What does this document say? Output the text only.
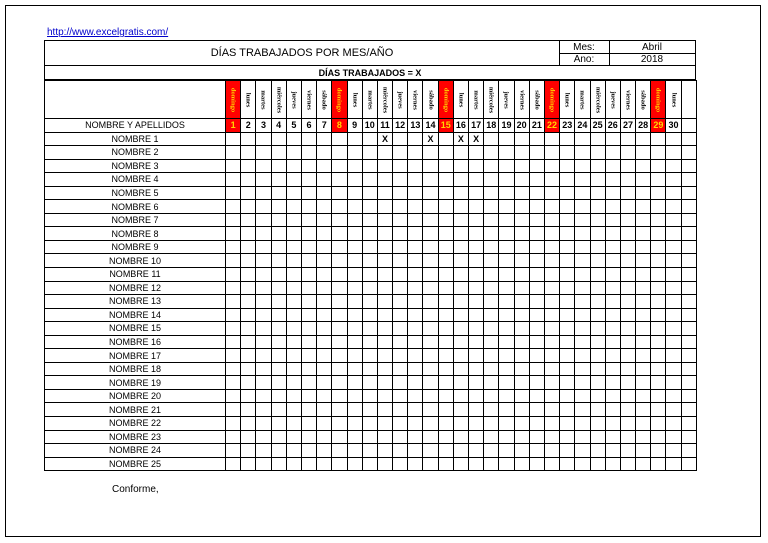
http://www.excelgratis.com/
DÍAS TRABAJADOS POR MES/AÑO	Mes:	Abril
Ano:	2018
DÍAS TRABAJADOS = X

	domingo	lunes	martes	miércoles	jueves	viernes	sábado	domingo	lunes	martes	miércoles	jueves	viernes	sábado	domingo	lunes	martes	miércoles	jueves	viernes	sábado	domingo	lunes	martes	miércoles	jueves	viernes	sábado	domingo	lunes	

NOMBRE Y APELLIDOS	1	2	3	4	5	6	7	8	9	10	11	12	13	14	15	16	17	18	19	20	21	22	23	24	25	26	27	28	29	30	
NOMBRE 1											X			X		X	X														
NOMBRE 2																															
NOMBRE 3																															
NOMBRE 4																															
NOMBRE 5																															
NOMBRE 6																															
NOMBRE 7																															
NOMBRE 8																															
NOMBRE 9																															
NOMBRE 10																															
NOMBRE 11																															
NOMBRE 12																															
NOMBRE 13																															
NOMBRE 14																															
NOMBRE 15																															
NOMBRE 16																															
NOMBRE 17																															
NOMBRE 18																															
NOMBRE 19																															
NOMBRE 20																															
NOMBRE 21																															
NOMBRE 22																															
NOMBRE 23																															
NOMBRE 24																															
NOMBRE 25																															
Conforme,
